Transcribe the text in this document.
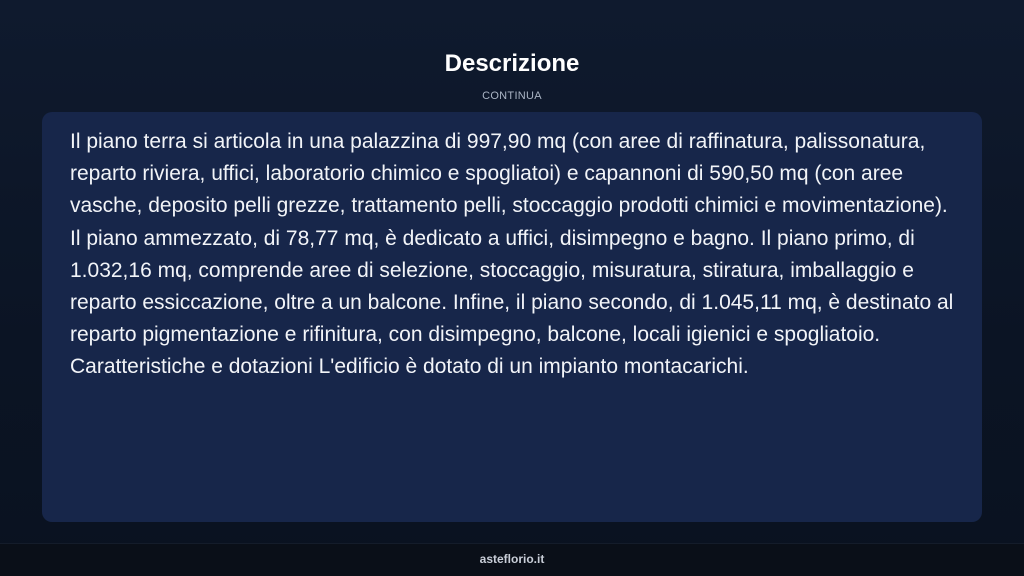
Descrizione
CONTINUA

Il piano terra si articola in una palazzina di 997,90 mq (con aree di raffinatura, palissonatura, reparto riviera, uffici, laboratorio chimico e spogliatoi) e capannoni di 590,50 mq (con aree vasche, deposito pelli grezze, trattamento pelli, stoccaggio prodotti chimici e movimentazione). Il piano ammezzato, di 78,77 mq, è dedicato a uffici, disimpegno e bagno. Il piano primo, di 1.032,16 mq, comprende aree di selezione, stoccaggio, misuratura, stiratura, imballaggio e reparto essiccazione, oltre a un balcone. Infine, il piano secondo, di 1.045,11 mq, è destinato al reparto pigmentazione e rifinitura, con disimpegno, balcone, locali igienici e spogliatoio. Caratteristiche e dotazioni L'edificio è dotato di un impianto montacarichi.

asteflorio.it
